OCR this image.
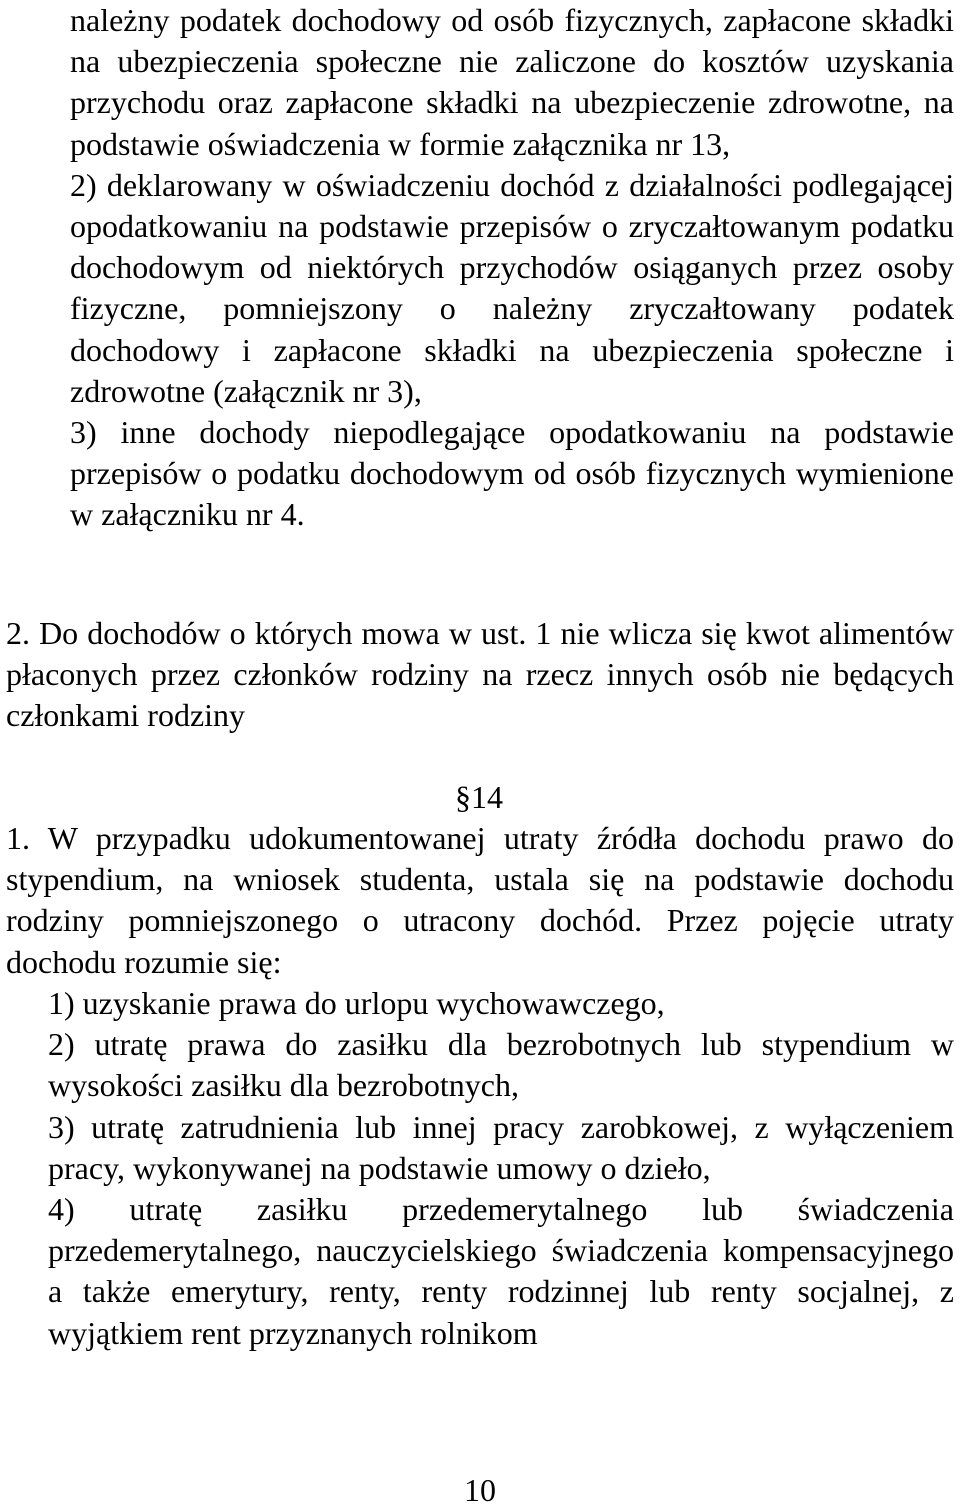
należny podatek dochodowy od osób fizycznych, zapłacone składki na ubezpieczenia społeczne nie zaliczone do kosztów uzyskania przychodu oraz zapłacone składki na ubezpieczenie zdrowotne, na podstawie oświadczenia w formie załącznika nr 13,
2) deklarowany w oświadczeniu dochód z działalności podlegającej opodatkowaniu na podstawie przepisów o zryczałtowanym podatku dochodowym od niektórych przychodów osiąganych przez osoby fizyczne, pomniejszony o należny zryczałtowany podatek dochodowy i zapłacone składki na ubezpieczenia społeczne i zdrowotne (załącznik nr 3),
3) inne dochody niepodlegające opodatkowaniu na podstawie przepisów o podatku dochodowym od osób fizycznych wymienione w załączniku nr 4.

2. Do dochodów o których mowa w ust. 1 nie wlicza się kwot alimentów płaconych przez członków rodziny na rzecz innych osób nie będących członkami rodziny

§14

1. W przypadku udokumentowanej utraty źródła dochodu prawo do stypendium, na wniosek studenta, ustala się na podstawie dochodu rodziny pomniejszonego o utracony dochód. Przez pojęcie utraty dochodu rozumie się:

1) uzyskanie prawa do urlopu wychowawczego,
2) utratę prawa do zasiłku dla bezrobotnych lub stypendium w wysokości zasiłku dla bezrobotnych,
3) utratę zatrudnienia lub innej pracy zarobkowej, z wyłączeniem pracy, wykonywanej na podstawie umowy o dzieło,
4) utratę zasiłku przedemerytalnego lub świadczenia przedemerytalnego, nauczycielskiego świadczenia kompensacyjnego a także emerytury, renty, renty rodzinnej lub renty socjalnej, z wyjątkiem rent przyznanych rolnikom
10
